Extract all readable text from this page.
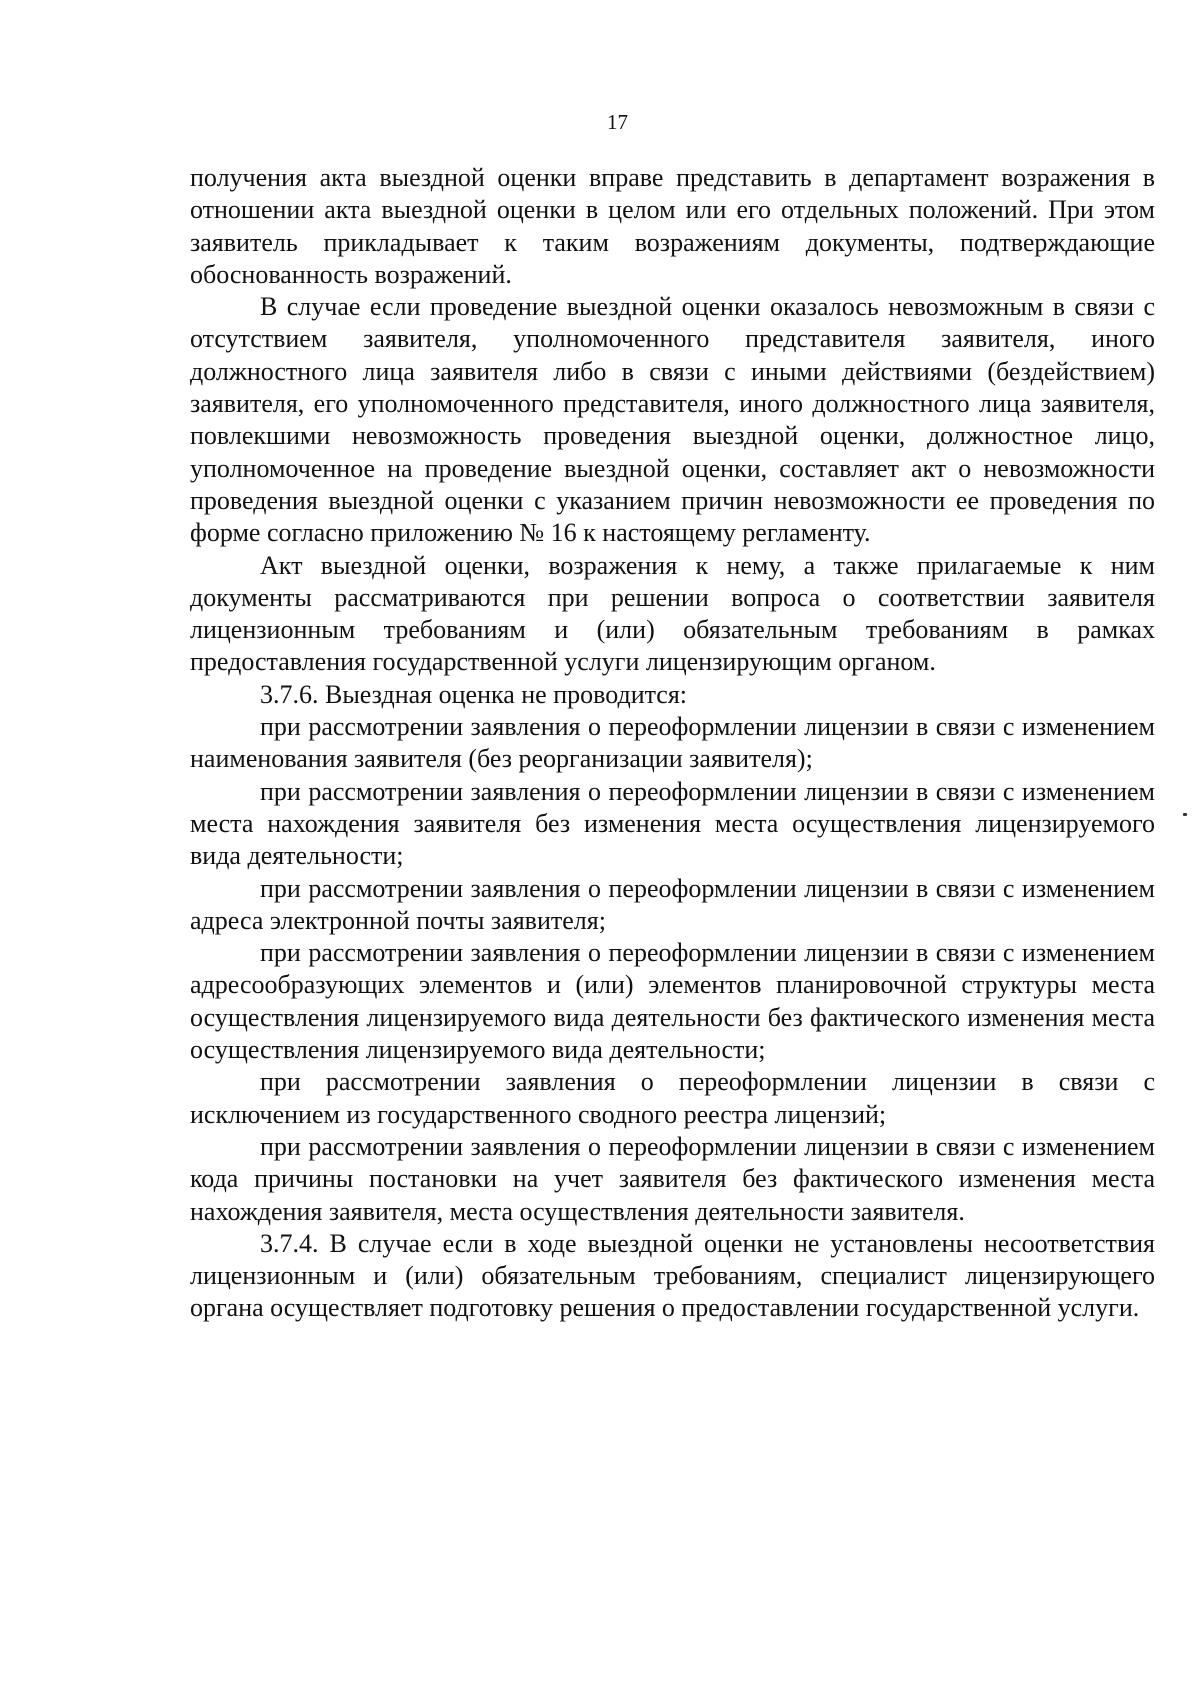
17

получения акта выездной оценки вправе представить в департамент возражения в отношении акта выездной оценки в целом или его отдельных положений. При этом заявитель прикладывает к таким возражениям документы, подтверждающие обоснованность возражений.

В случае если проведение выездной оценки оказалось невозможным в связи с отсутствием заявителя, уполномоченного представителя заявителя, иного должностного лица заявителя либо в связи с иными действиями (бездействием) заявителя, его уполномоченного представителя, иного должностного лица заявителя, повлекшими невозможность проведения выездной оценки, должностное лицо, уполномоченное на проведение выездной оценки, составляет акт о невозможности проведения выездной оценки с указанием причин невозможности ее проведения по форме согласно приложению № 16 к настоящему регламенту.

Акт выездной оценки, возражения к нему, а также прилагаемые к ним документы рассматриваются при решении вопроса о соответствии заявителя лицензионным требованиям и (или) обязательным требованиям в рамках предоставления государственной услуги лицензирующим органом.

3.7.6. Выездная оценка не проводится:

при рассмотрении заявления о переоформлении лицензии в связи с изменением наименования заявителя (без реорганизации заявителя);

при рассмотрении заявления о переоформлении лицензии в связи с изменением места нахождения заявителя без изменения места осуществления лицензируемого вида деятельности;

при рассмотрении заявления о переоформлении лицензии в связи с изменением адреса электронной почты заявителя;

при рассмотрении заявления о переоформлении лицензии в связи с изменением адресообразующих элементов и (или) элементов планировочной структуры места осуществления лицензируемого вида деятельности без фактического изменения места осуществления лицензируемого вида деятельности;

при рассмотрении заявления о переоформлении лицензии в связи с исключением из государственного сводного реестра лицензий;

при рассмотрении заявления о переоформлении лицензии в связи с изменением кода причины постановки на учет заявителя без фактического изменения места нахождения заявителя, места осуществления деятельности заявителя.

3.7.4. В случае если в ходе выездной оценки не установлены несоответствия лицензионным и (или) обязательным требованиям, специалист лицензирующего органа осуществляет подготовку решения о предоставлении государственной услуги.
